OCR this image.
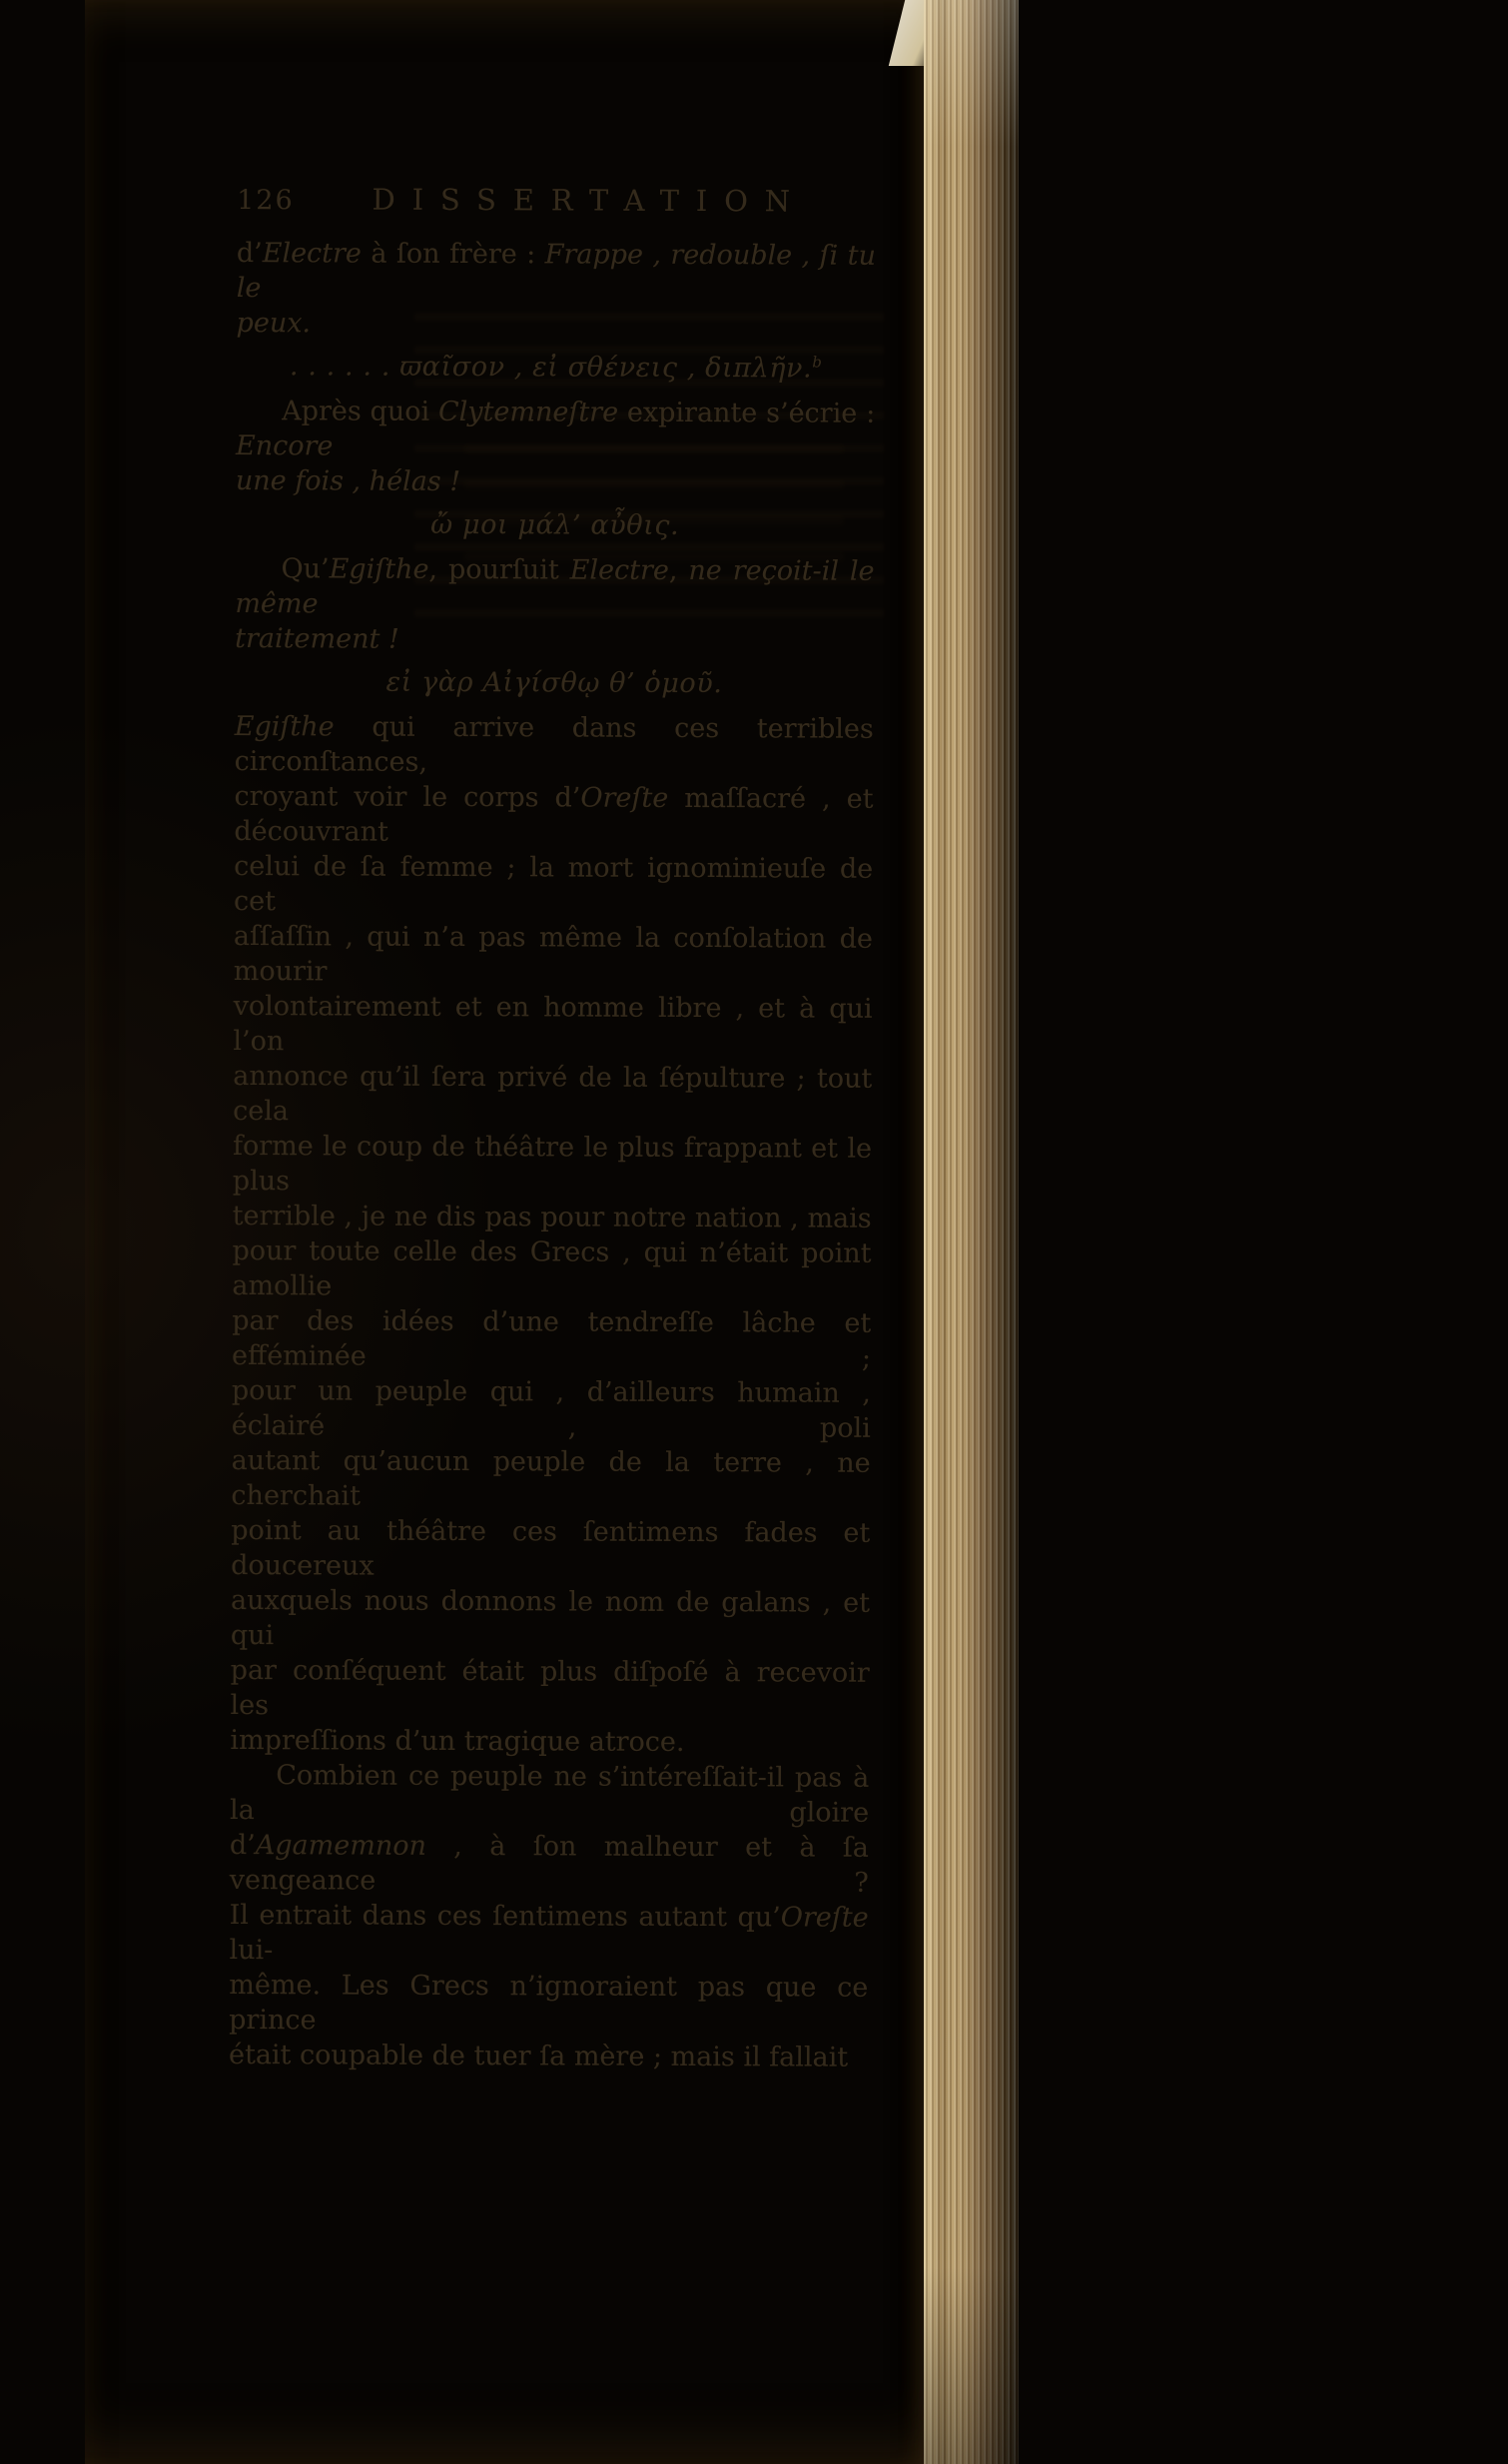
126	DISSERTATION
d’Electre à ſon frère : Frappe , redouble , ſi tu le
peux.
. . . . . . ϖαῖσον , εἰ σθένεις , διπλῆν.$^b$
Après quoi Clytemneſtre expirante s’écrie : Encore
une fois , hélas !
ὤ μοι μάλ’ αὖθις.
Qu’Egiſthe, pourſuit Electre, ne reçoit-il le même
traitement !
εἰ γὰρ Αἰγίσθῳ θ’ ὁμοῦ.
Egiſthe qui arrive dans ces terribles circonſtances,
croyant voir le corps d’Oreſte maſſacré , et découvrant
celui de ſa femme ; la mort ignominieuſe de cet
aſſaſſin , qui n’a pas même la conſolation de mourir
volontairement et en homme libre , et à qui l’on
annonce qu’il ſera privé de la ſépulture ; tout cela
forme le coup de théâtre le plus frappant et le plus
terrible , je ne dis pas pour notre nation , mais
pour toute celle des Grecs , qui n’était point amollie
par des idées d’une tendreſſe lâche et efféminée ;
pour un peuple qui , d’ailleurs humain , éclairé , poli
autant qu’aucun peuple de la terre , ne cherchait
point au théâtre ces ſentimens fades et doucereux
auxquels nous donnons le nom de galans , et qui
par conſéquent était plus diſpoſé à recevoir les
impreſſions d’un tragique atroce.
Combien ce peuple ne s’intéreſſait-il pas à la gloire
d’Agamemnon , à ſon malheur et à ſa vengeance ?
Il entrait dans ces ſentimens autant qu’Oreſte lui-
même. Les Grecs n’ignoraient pas que ce prince
était coupable de tuer ſa mère ; mais il fallait
